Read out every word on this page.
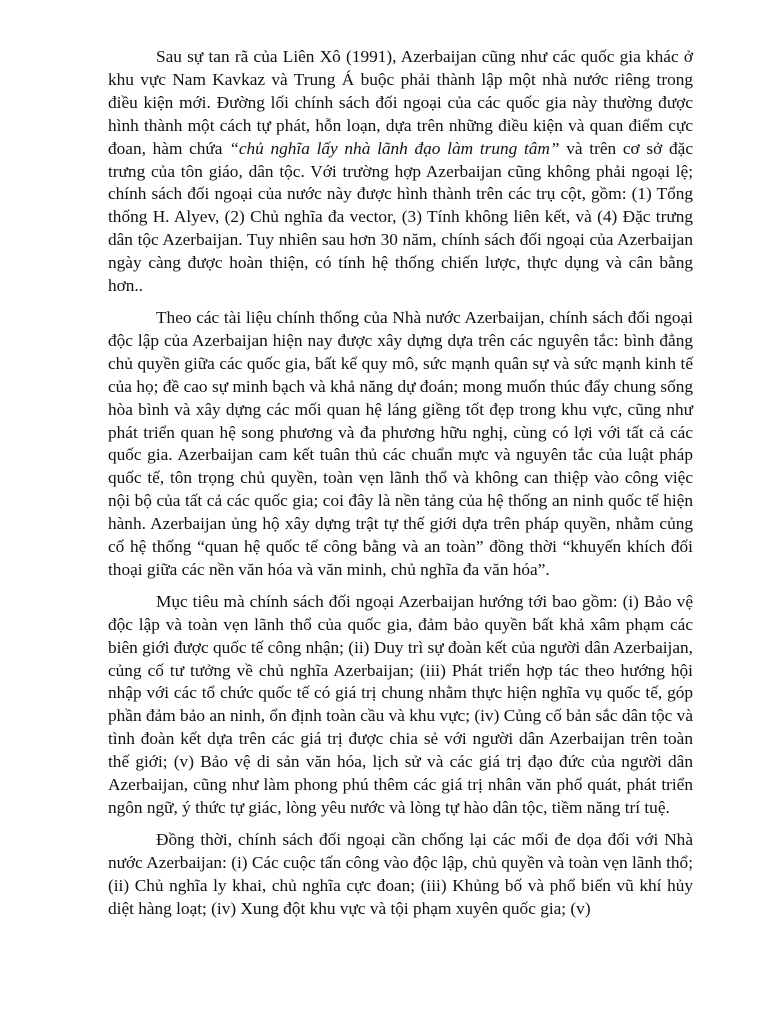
Sau sự tan rã của Liên Xô (1991), Azerbaijan cũng như các quốc gia khác ở khu vực Nam Kavkaz và Trung Á buộc phải thành lập một nhà nước riêng trong điều kiện mới. Đường lối chính sách đối ngoại của các quốc gia này thường được hình thành một cách tự phát, hỗn loạn, dựa trên những điều kiện và quan điểm cực đoan, hàm chứa “chủ nghĩa lấy nhà lãnh đạo làm trung tâm” và trên cơ sở đặc trưng của tôn giáo, dân tộc. Với trường hợp Azerbaijan cũng không phải ngoại lệ; chính sách đối ngoại của nước này được hình thành trên các trụ cột, gồm: (1) Tổng thống H. Alyev, (2) Chủ nghĩa đa vector, (3) Tính không liên kết, và (4) Đặc trưng dân tộc Azerbaijan. Tuy nhiên sau hơn 30 năm, chính sách đối ngoại của Azerbaijan ngày càng được hoàn thiện, có tính hệ thống chiến lược, thực dụng và cân bằng hơn..

Theo các tài liệu chính thống của Nhà nước Azerbaijan, chính sách đối ngoại độc lập của Azerbaijan hiện nay được xây dựng dựa trên các nguyên tắc: bình đẳng chủ quyền giữa các quốc gia, bất kể quy mô, sức mạnh quân sự và sức mạnh kinh tế của họ; đề cao sự minh bạch và khả năng dự đoán; mong muốn thúc đẩy chung sống hòa bình và xây dựng các mối quan hệ láng giềng tốt đẹp trong khu vực, cũng như phát triển quan hệ song phương và đa phương hữu nghị, cùng có lợi với tất cả các quốc gia. Azerbaijan cam kết tuân thủ các chuẩn mực và nguyên tắc của luật pháp quốc tế, tôn trọng chủ quyền, toàn vẹn lãnh thổ và không can thiệp vào công việc nội bộ của tất cả các quốc gia; coi đây là nền tảng của hệ thống an ninh quốc tế hiện hành. Azerbaijan ủng hộ xây dựng trật tự thế giới dựa trên pháp quyền, nhằm củng cố hệ thống “quan hệ quốc tế công bằng và an toàn” đồng thời “khuyến khích đối thoại giữa các nền văn hóa và văn minh, chủ nghĩa đa văn hóa”.

Mục tiêu mà chính sách đối ngoại Azerbaijan hướng tới bao gồm: (i) Bảo vệ độc lập và toàn vẹn lãnh thổ của quốc gia, đảm bảo quyền bất khả xâm phạm các biên giới được quốc tế công nhận; (ii) Duy trì sự đoàn kết của người dân Azerbaijan, củng cố tư tưởng về chủ nghĩa Azerbaijan; (iii) Phát triển hợp tác theo hướng hội nhập với các tổ chức quốc tế có giá trị chung nhằm thực hiện nghĩa vụ quốc tế, góp phần đảm bảo an ninh, ổn định toàn cầu và khu vực; (iv) Củng cố bản sắc dân tộc và tình đoàn kết dựa trên các giá trị được chia sẻ với người dân Azerbaijan trên toàn thế giới; (v) Bảo vệ di sản văn hóa, lịch sử và các giá trị đạo đức của người dân Azerbaijan, cũng như làm phong phú thêm các giá trị nhân văn phổ quát, phát triển ngôn ngữ, ý thức tự giác, lòng yêu nước và lòng tự hào dân tộc, tiềm năng trí tuệ.

Đồng thời, chính sách đối ngoại cần chống lại các mối đe dọa đối với Nhà nước Azerbaijan: (i) Các cuộc tấn công vào độc lập, chủ quyền và toàn vẹn lãnh thổ; (ii) Chủ nghĩa ly khai, chủ nghĩa cực đoan; (iii) Khủng bố và phổ biến vũ khí hủy diệt hàng loạt; (iv) Xung đột khu vực và tội phạm xuyên quốc gia; (v)
